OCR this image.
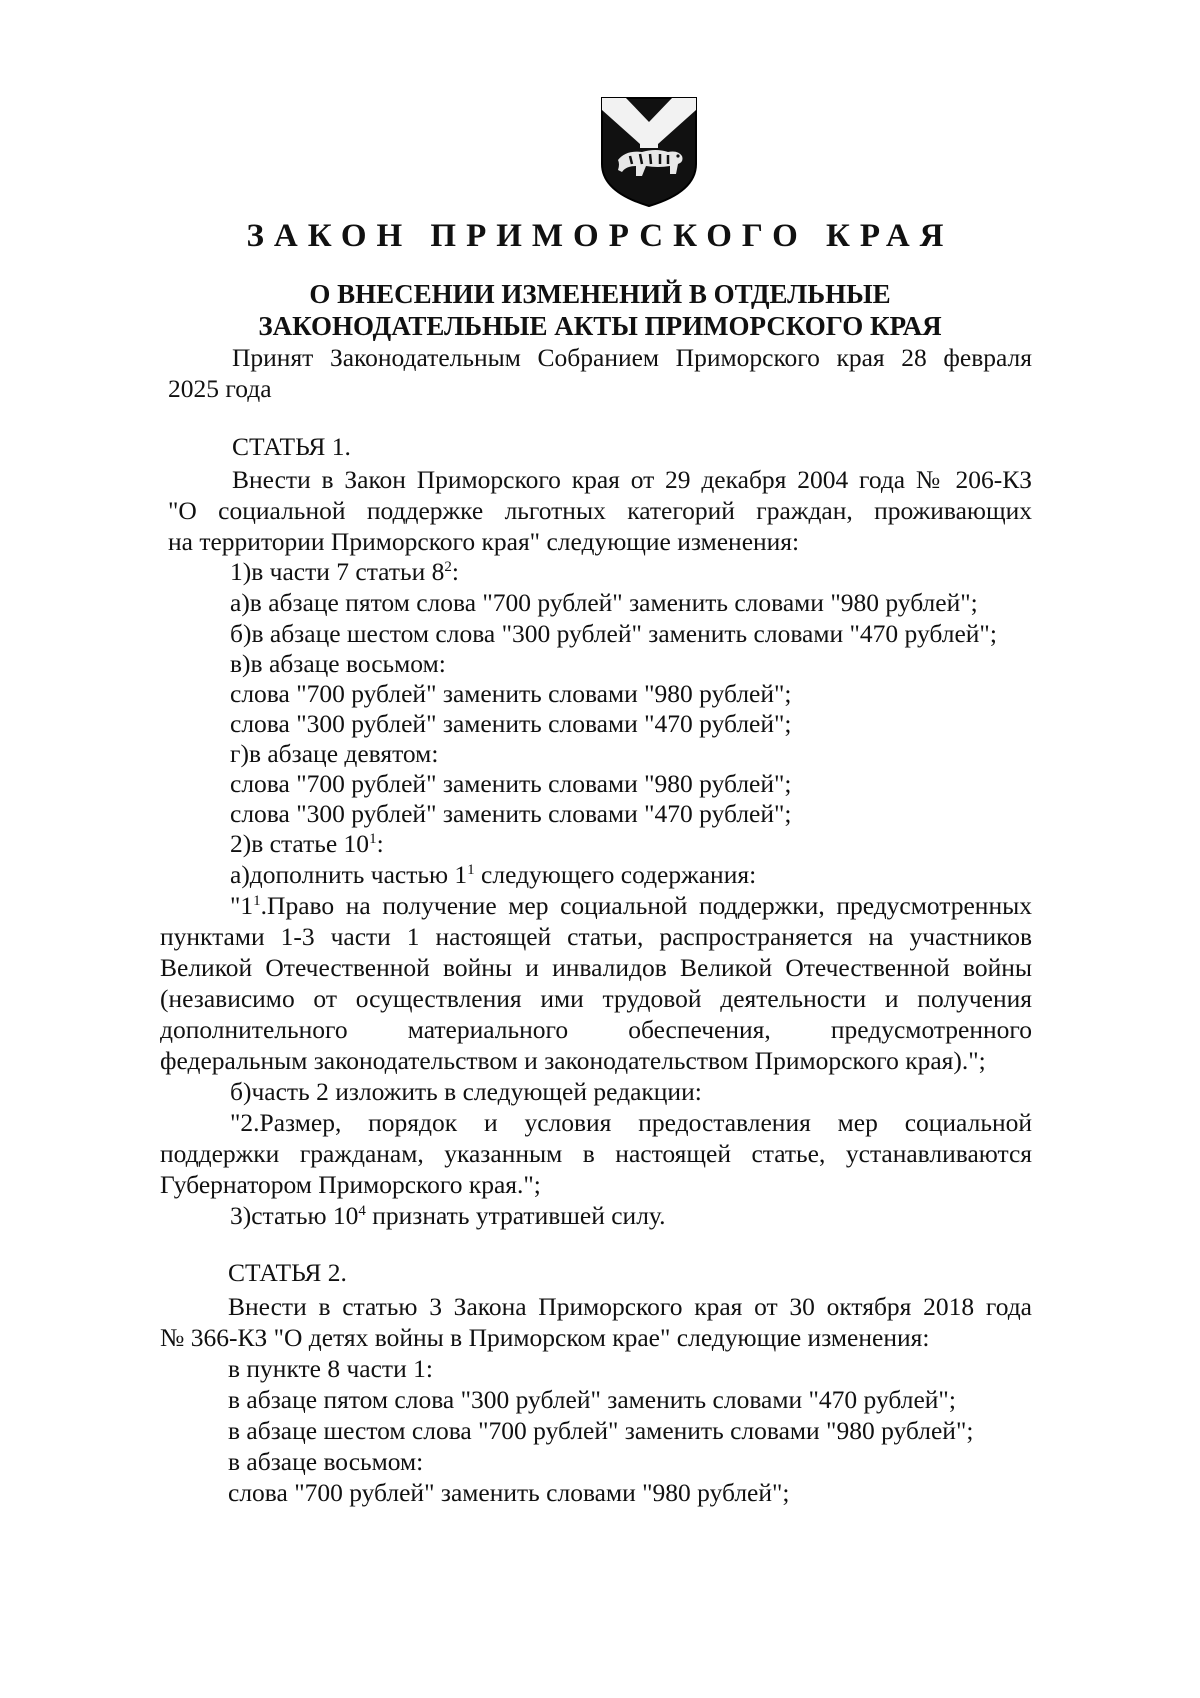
ЗАКОН ПРИМОРСКОГО КРАЯ
О ВНЕСЕНИИ ИЗМЕНЕНИЙ В ОТДЕЛЬНЫЕ
ЗАКОНОДАТЕЛЬНЫЕ АКТЫ ПРИМОРСКОГО КРАЯ
Принят Законодательным Собранием Приморского края 28 февраля
2025 года
СТАТЬЯ 1.
Внести в Закон Приморского края от 29 декабря 2004 года № 206-КЗ
"О социальной поддержке льготных категорий граждан, проживающих
на территории Приморского края" следующие изменения:
1)в части 7 статьи $8^2$:
а)в абзаце пятом слова "700 рублей" заменить словами "980 рублей";
б)в абзаце шестом слова "300 рублей" заменить словами "470 рублей";
в)в абзаце восьмом:
слова "700 рублей" заменить словами "980 рублей";
слова "300 рублей" заменить словами "470 рублей";
г)в абзаце девятом:
слова "700 рублей" заменить словами "980 рублей";
слова "300 рублей" заменить словами "470 рублей";
2)в статье $10^1$:
а)дополнить частью $1^1$ следующего содержания:
"$1^1.Право$ на получение мер социальной поддержки, предусмотренных
пунктами 1-3 части 1 настоящей статьи, распространяется на участников
Великой Отечественной войны и инвалидов Великой Отечественной войны
(независимо от осуществления ими трудовой деятельности и получения
дополнительного материального обеспечения, предусмотренного
федеральным законодательством и законодательством Приморского края).";
б)часть 2 изложить в следующей редакции:
"2.Размер, порядок и условия предоставления мер социальной
поддержки гражданам, указанным в настоящей статье, устанавливаются
Губернатором Приморского края.";
3)статью $10^4$ признать утратившей силу.
СТАТЬЯ 2.
Внести в статью 3 Закона Приморского края от 30 октября 2018 года
№ 366-КЗ "О детях войны в Приморском крае" следующие изменения:
в пункте 8 части 1:
в абзаце пятом слова "300 рублей" заменить словами "470 рублей";
в абзаце шестом слова "700 рублей" заменить словами "980 рублей";
в абзаце восьмом:
слова "700 рублей" заменить словами "980 рублей";
